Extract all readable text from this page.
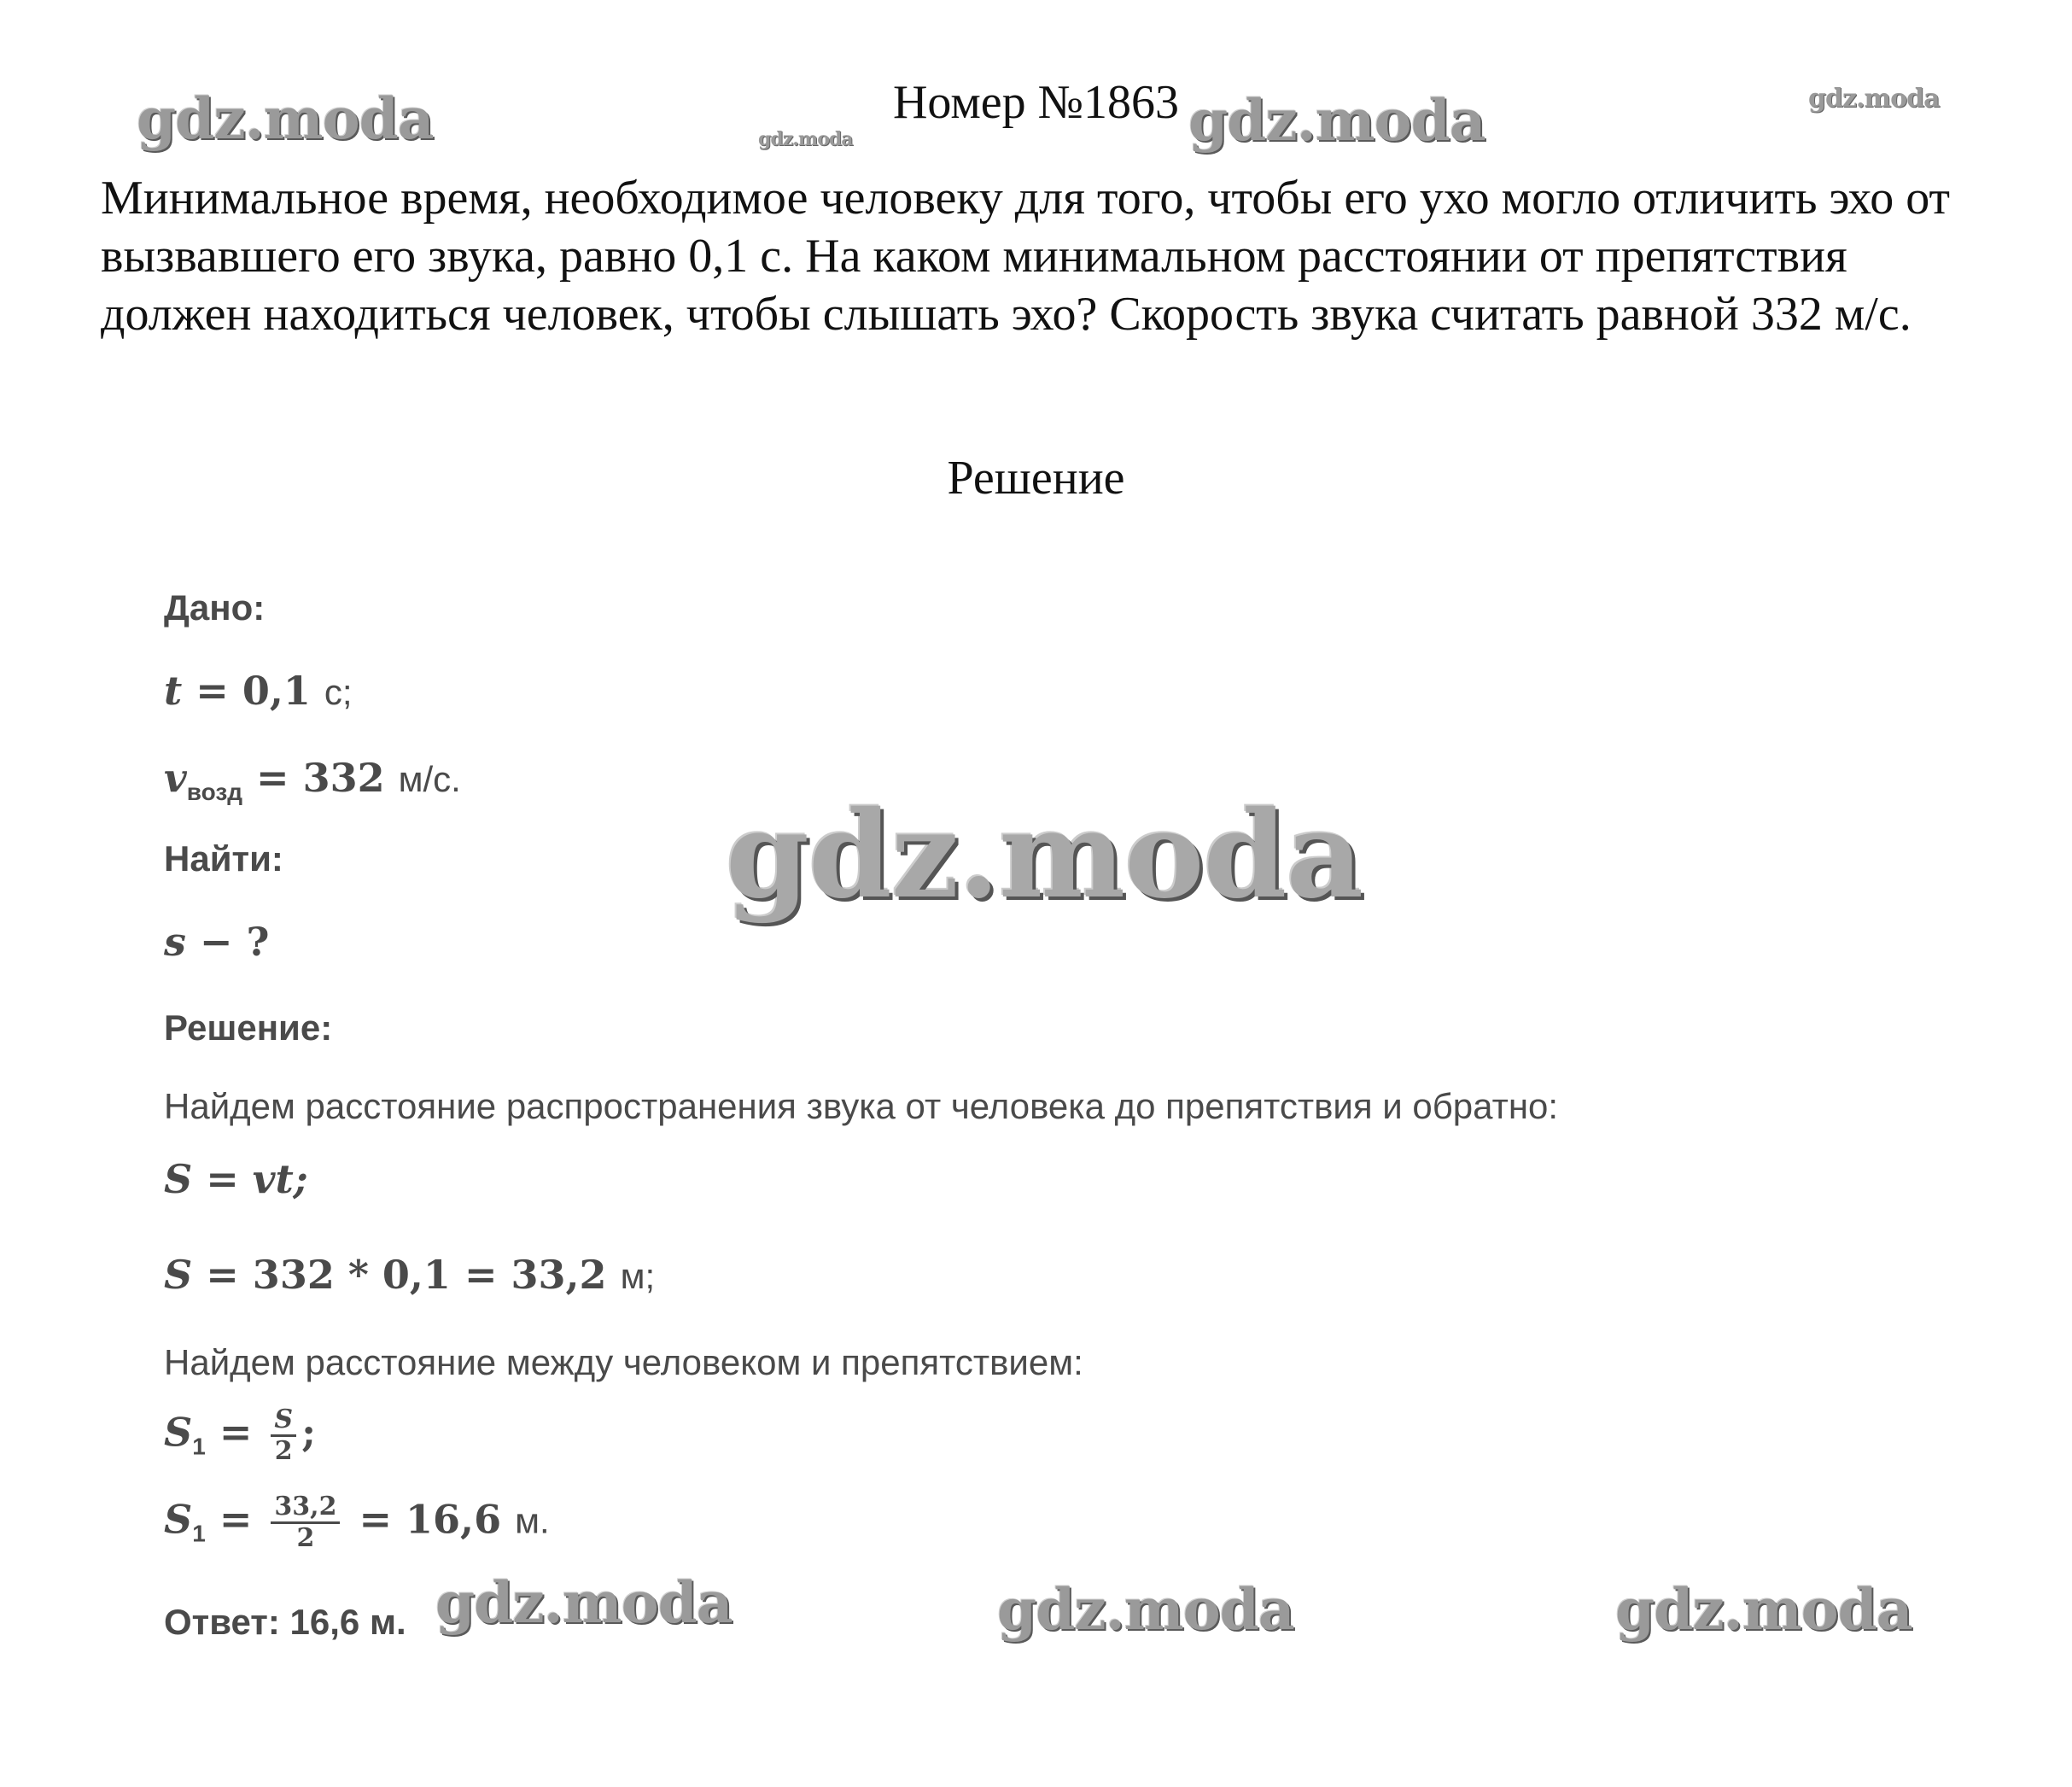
Номер №1863
Минимальное время, необходимое человеку для того, чтобы его ухо могло отличить эхо от вызвавшего его звука, равно 0,1 с. На каком минимальном расстоянии от препятствия должен находиться человек, чтобы слышать эхо? Скорость звука считать равной 332 м/с.
Решение
Дано:
t = 0,1 с;
$v_{возд} = 332$ м/с.
Найти:
s − ?
Решение:
Найдем расстояние распространения звука от человека до препятствия и обратно:
S = vt;
S = 332 * 0,1 = 33,2 м;
Найдем расстояние между человеком и препятствием:
$S_1 = \frac{S}{2}$ ;
$S_1 = \frac{33,2}{2} = 16,6$ м.
Ответ: 16,6 м.
gdz.moda	gdz.moda	gdz.moda	gdz.moda
gdz.moda
gdz.moda	gdz.moda	gdz.moda
